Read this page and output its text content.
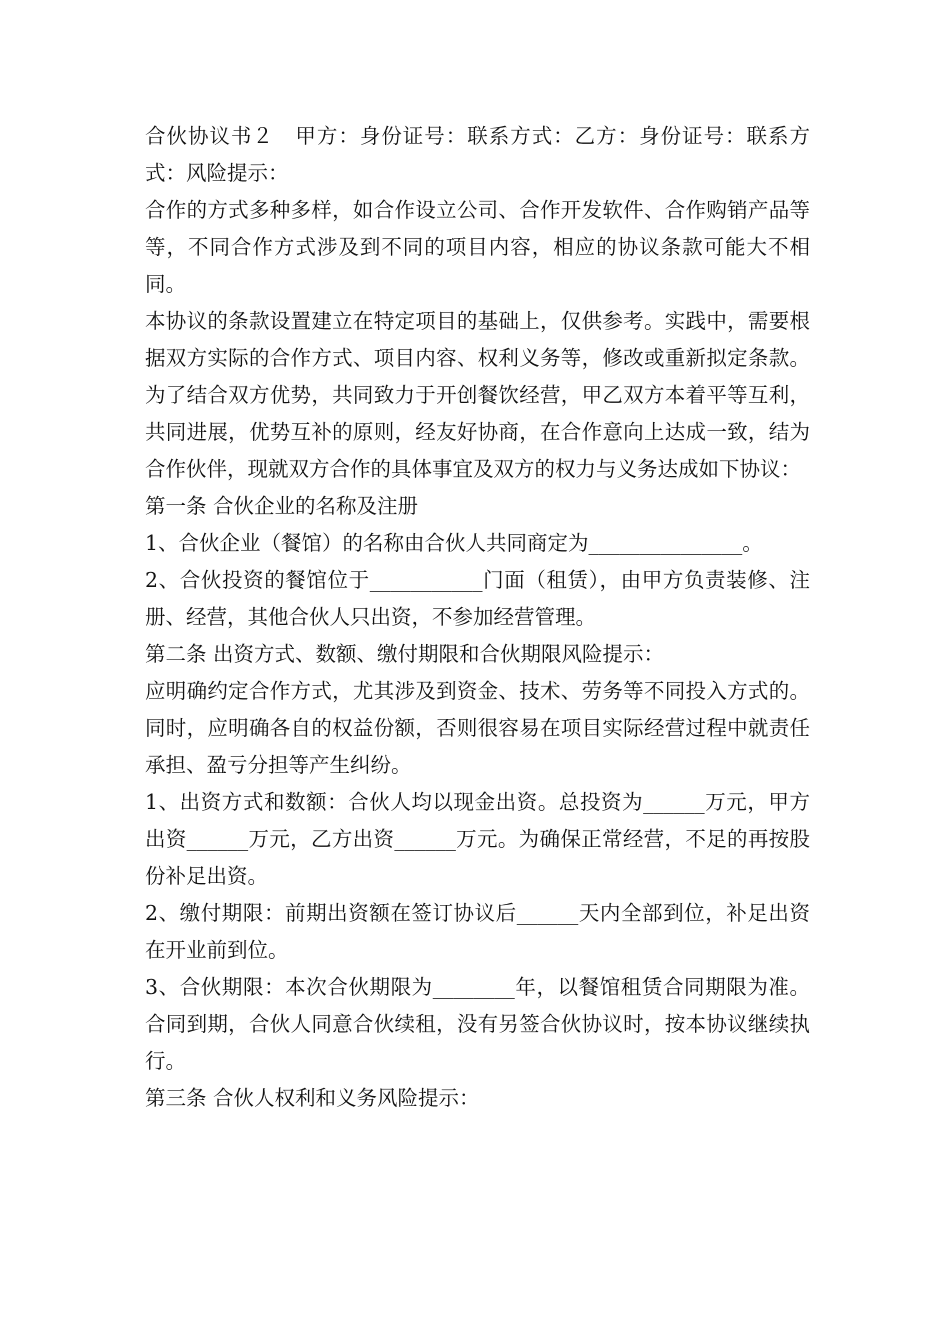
合伙协议书２　甲方：身份证号：联系方式：乙方：身份证号：联系方式：风险提示：

合作的方式多种多样，如合作设立公司、合作开发软件、合作购销产品等等，不同合作方式涉及到不同的项目内容，相应的协议条款可能大不相同。

本协议的条款设置建立在特定项目的基础上，仅供参考。实践中，需要根据双方实际的合作方式、项目内容、权利义务等，修改或重新拟定条款。 为了结合双方优势，共同致力于开创餐饮经营，甲乙双方本着平等互利，共同进展，优势互补的原则，经友好协商，在合作意向上达成一致，结为合作伙伴，现就双方合作的具体事宜及双方的权力与义务达成如下协议：

第一条 合伙企业的名称及注册

1、合伙企业（餐馆）的名称由合伙人共同商定为_______________。

2、合伙投资的餐馆位于___________门面（租赁），由甲方负责装修、注册、经营，其他合伙人只出资，不参加经营管理。

第二条 出资方式、数额、缴付期限和合伙期限风险提示：

应明确约定合作方式，尤其涉及到资金、技术、劳务等不同投入方式的。同时，应明确各自的权益份额，否则很容易在项目实际经营过程中就责任承担、盈亏分担等产生纠纷。

1、出资方式和数额：合伙人均以现金出资。总投资为______万元，甲方出资______万元，乙方出资______万元。为确保正常经营，不足的再按股份补足出资。

2、缴付期限：前期出资额在签订协议后______天内全部到位，补足出资在开业前到位。

3、合伙期限：本次合伙期限为________年，以餐馆租赁合同期限为准。合同到期，合伙人同意合伙续租，没有另签合伙协议时，按本协议继续执行。

第三条 合伙人权利和义务风险提示：
